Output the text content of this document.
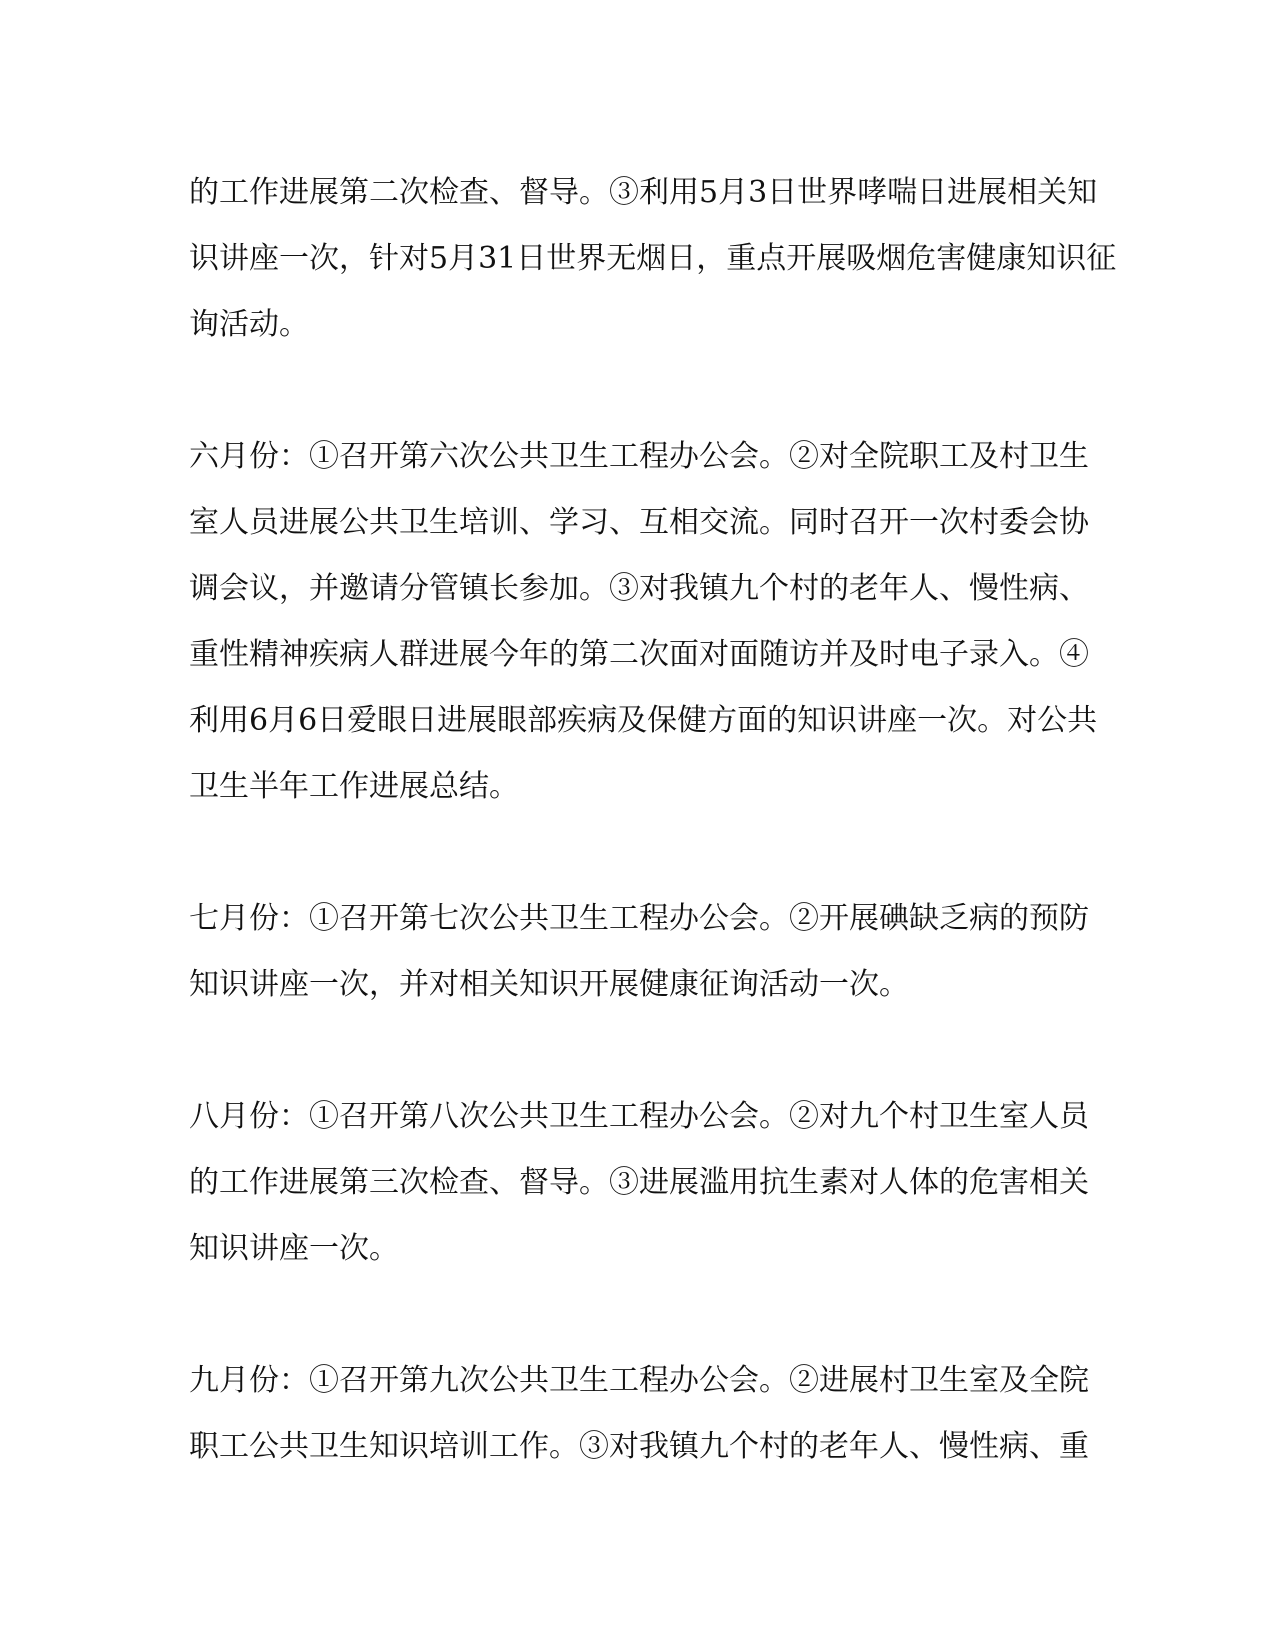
的工作进展第二次检查、督导。③利用5月3日世界哮喘日进展相关知
识讲座一次，针对5月31日世界无烟日，重点开展吸烟危害健康知识征
询活动。

六月份：①召开第六次公共卫生工程办公会。②对全院职工及村卫生
室人员进展公共卫生培训、学习、互相交流。同时召开一次村委会协
调会议，并邀请分管镇长参加。③对我镇九个村的老年人、慢性病、
重性精神疾病人群进展今年的第二次面对面随访并及时电子录入。④
利用6月6日爱眼日进展眼部疾病及保健方面的知识讲座一次。对公共
卫生半年工作进展总结。

七月份：①召开第七次公共卫生工程办公会。②开展碘缺乏病的预防
知识讲座一次，并对相关知识开展健康征询活动一次。

八月份：①召开第八次公共卫生工程办公会。②对九个村卫生室人员
的工作进展第三次检查、督导。③进展滥用抗生素对人体的危害相关
知识讲座一次。

九月份：①召开第九次公共卫生工程办公会。②进展村卫生室及全院
职工公共卫生知识培训工作。③对我镇九个村的老年人、慢性病、重
